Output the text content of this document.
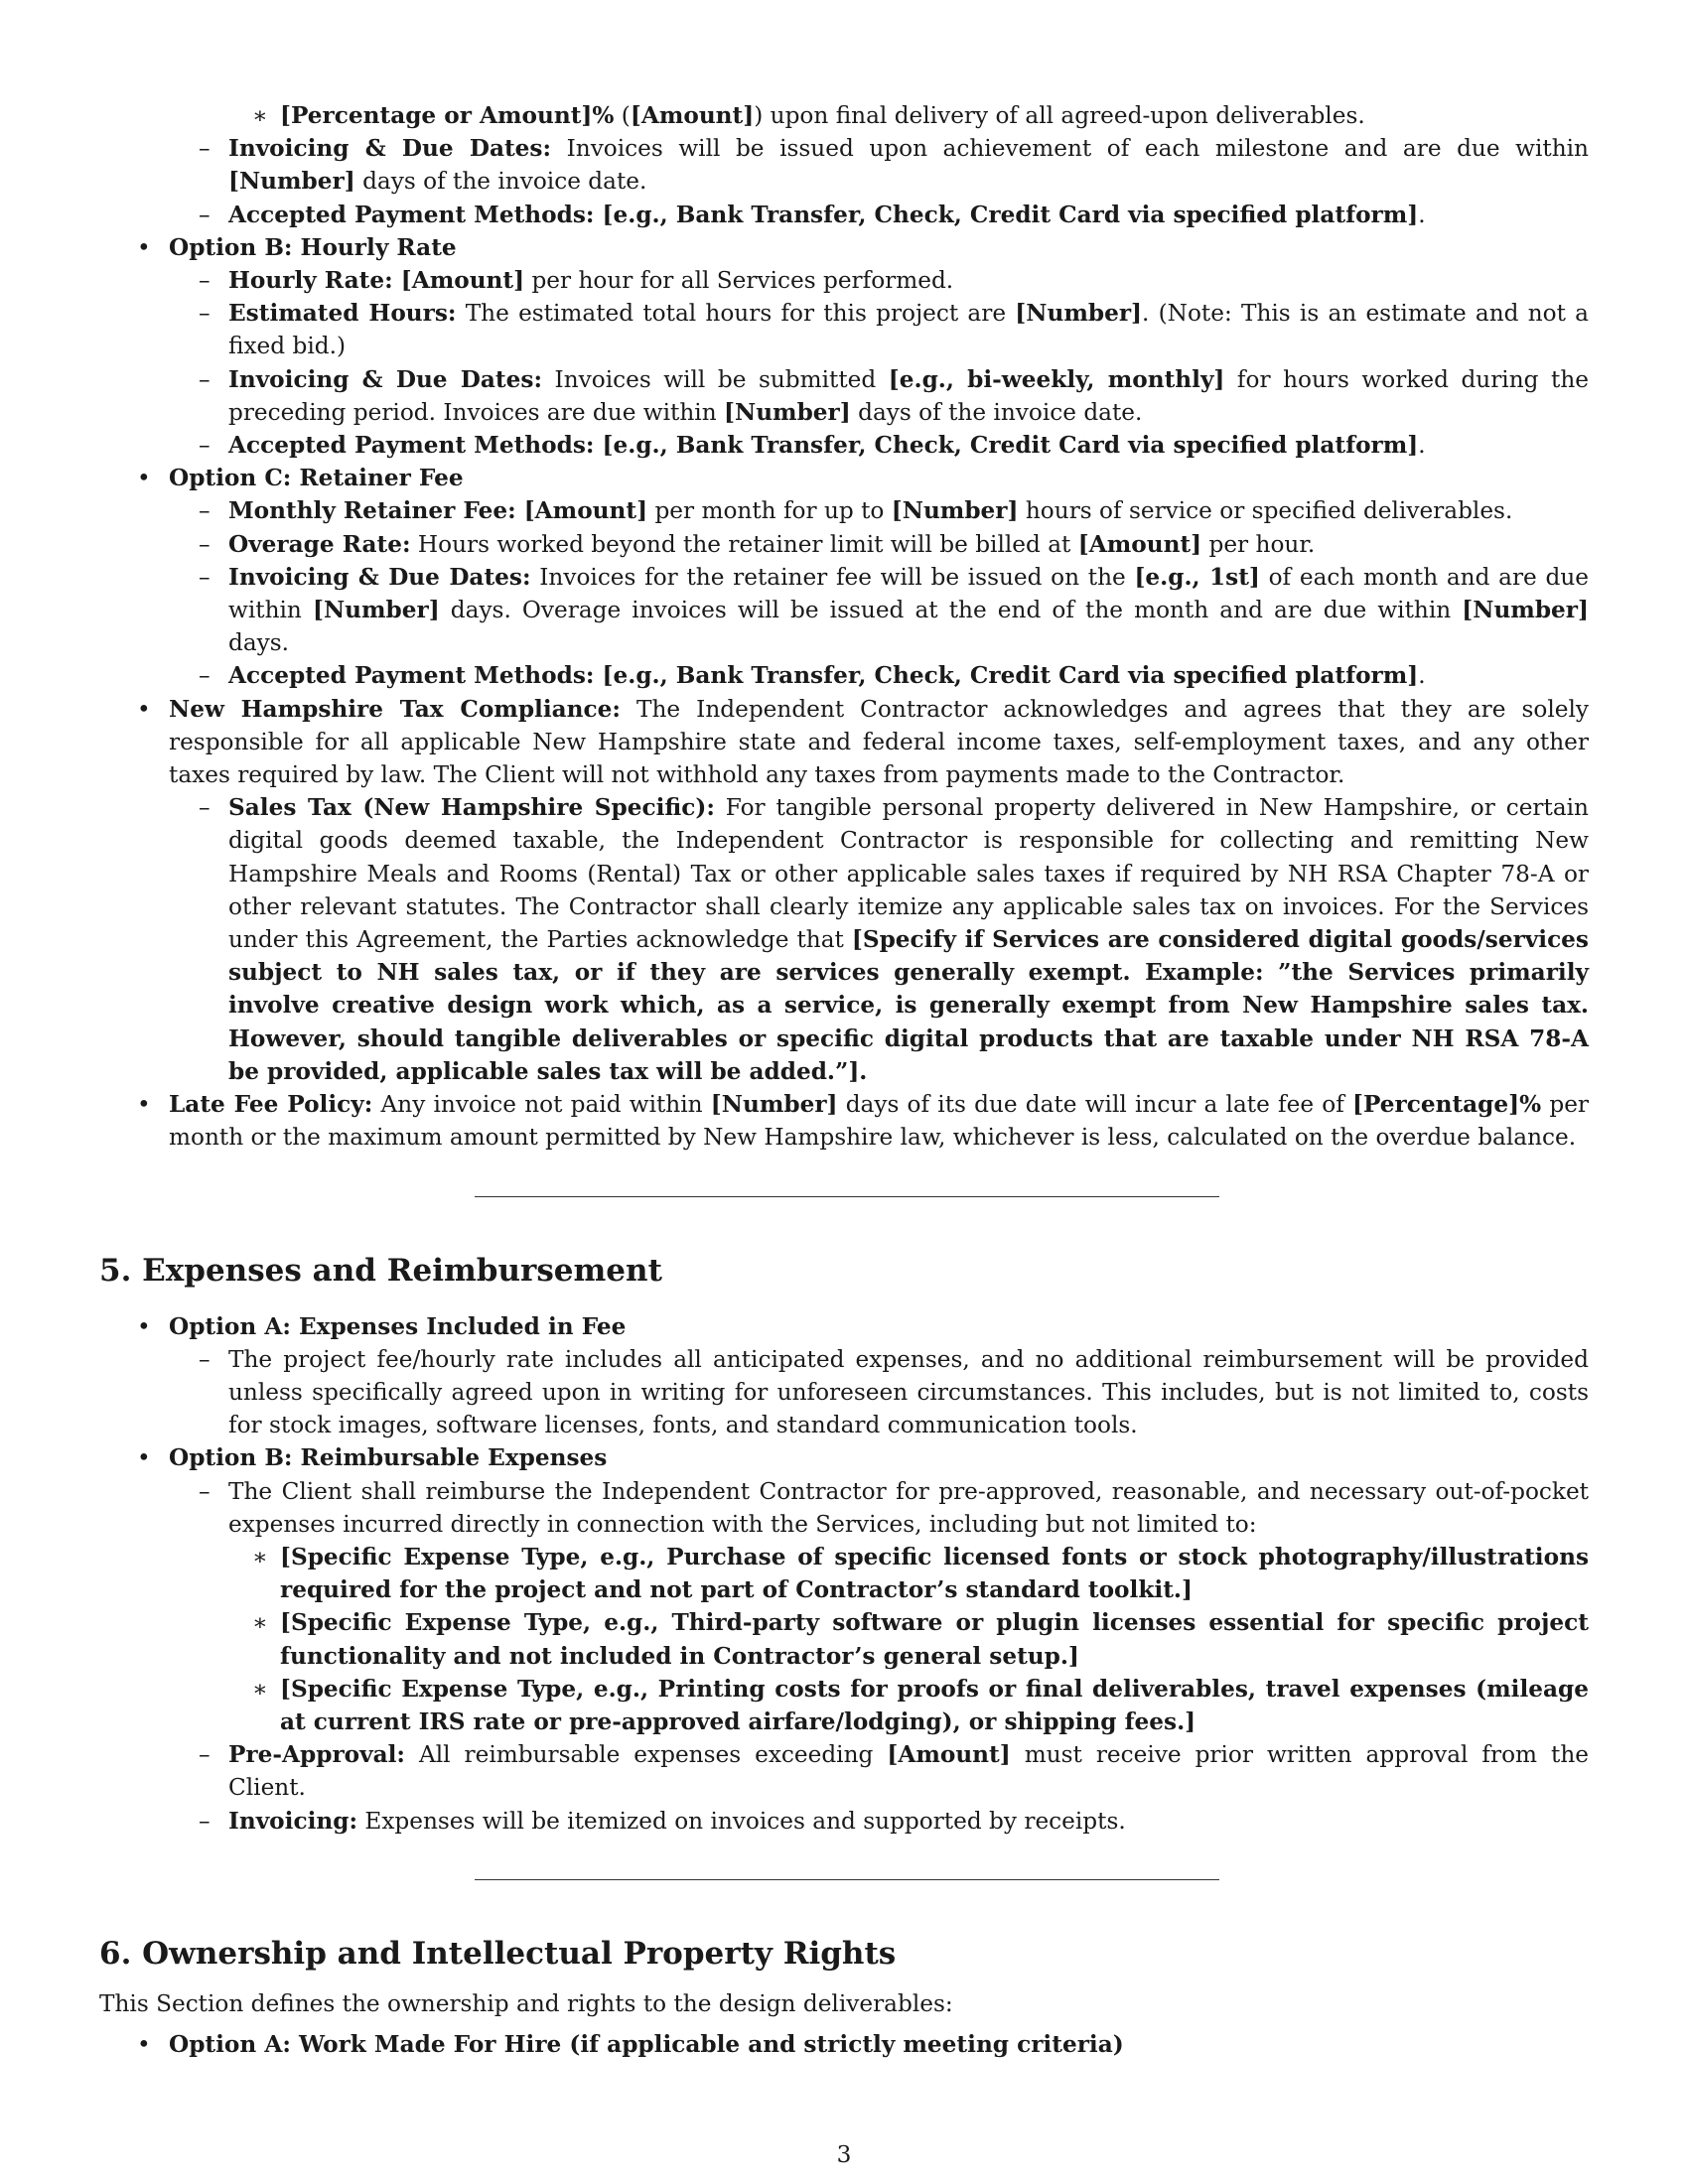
∗ [Percentage or Amount]% ([Amount]) upon final delivery of all agreed-upon deliverables.
– Invoicing & Due Dates: Invoices will be issued upon achievement of each milestone and are due within [Number] days of the invoice date.
– Accepted Payment Methods: [e.g., Bank Transfer, Check, Credit Card via specified platform].
• Option B: Hourly Rate
– Hourly Rate: [Amount] per hour for all Services performed.
– Estimated Hours: The estimated total hours for this project are [Number]. (Note: This is an estimate and not a fixed bid.)
– Invoicing & Due Dates: Invoices will be submitted [e.g., bi-weekly, monthly] for hours worked during the preceding period. Invoices are due within [Number] days of the invoice date.
– Accepted Payment Methods: [e.g., Bank Transfer, Check, Credit Card via specified platform].
• Option C: Retainer Fee
– Monthly Retainer Fee: [Amount] per month for up to [Number] hours of service or specified deliverables.
– Overage Rate: Hours worked beyond the retainer limit will be billed at [Amount] per hour.
– Invoicing & Due Dates: Invoices for the retainer fee will be issued on the [e.g., 1st] of each month and are due within [Number] days. Overage invoices will be issued at the end of the month and are due within [Number] days.
– Accepted Payment Methods: [e.g., Bank Transfer, Check, Credit Card via specified platform].
• New Hampshire Tax Compliance: The Independent Contractor acknowledges and agrees that they are solely responsible for all applicable New Hampshire state and federal income taxes, self-employment taxes, and any other taxes required by law. The Client will not withhold any taxes from payments made to the Contractor.
– Sales Tax (New Hampshire Specific): For tangible personal property delivered in New Hampshire, or certain digital goods deemed taxable, the Independent Contractor is responsible for collecting and remitting New Hampshire Meals and Rooms (Rental) Tax or other applicable sales taxes if required by NH RSA Chapter 78-A or other relevant statutes. The Contractor shall clearly itemize any applicable sales tax on invoices. For the Services under this Agreement, the Parties acknowledge that [Specify if Services are considered digital goods/services subject to NH sales tax, or if they are services generally exempt. Example: ”the Services primarily involve creative design work which, as a service, is generally exempt from New Hampshire sales tax. However, should tangible deliverables or specific digital products that are taxable under NH RSA 78-A be provided, applicable sales tax will be added.”].
• Late Fee Policy: Any invoice not paid within [Number] days of its due date will incur a late fee of [Percentage]% per month or the maximum amount permitted by New Hampshire law, whichever is less, calculated on the overdue balance.
5. Expenses and Reimbursement
• Option A: Expenses Included in Fee
– The project fee/hourly rate includes all anticipated expenses, and no additional reimbursement will be provided unless specifically agreed upon in writing for unforeseen circumstances. This includes, but is not limited to, costs for stock images, software licenses, fonts, and standard communication tools.
• Option B: Reimbursable Expenses
– The Client shall reimburse the Independent Contractor for pre-approved, reasonable, and necessary out-of-pocket expenses incurred directly in connection with the Services, including but not limited to:
∗ [Specific Expense Type, e.g., Purchase of specific licensed fonts or stock photography/illustrations required for the project and not part of Contractor’s standard toolkit.]
∗ [Specific Expense Type, e.g., Third-party software or plugin licenses essential for specific project functionality and not included in Contractor’s general setup.]
∗ [Specific Expense Type, e.g., Printing costs for proofs or final deliverables, travel expenses (mileage at current IRS rate or pre-approved airfare/lodging), or shipping fees.]
– Pre-Approval: All reimbursable expenses exceeding [Amount] must receive prior written approval from the Client.
– Invoicing: Expenses will be itemized on invoices and supported by receipts.
6. Ownership and Intellectual Property Rights

This Section defines the ownership and rights to the design deliverables:

• Option A: Work Made For Hire (if applicable and strictly meeting criteria)
3
